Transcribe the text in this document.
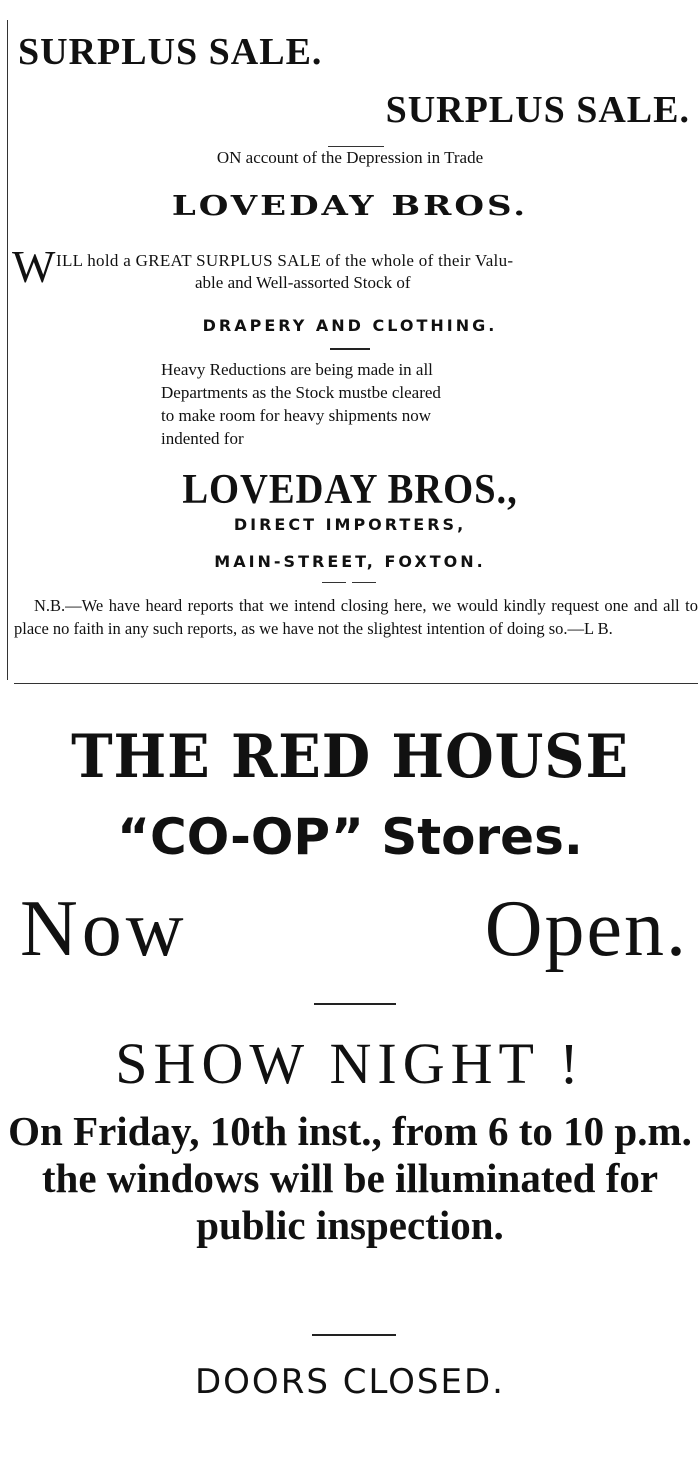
SURPLUS SALE.
SURPLUS SALE.
ON account of the Depression in Trade
LOVEDAY BROS.
W ILL hold a GREAT SURPLUS SALE of the whole of their Valu-
able and Well-assorted Stock of
DRAPERY AND CLOTHING.
Heavy Reductions are being made in all
Departments as the Stock mustbe cleared
to make room for heavy shipments now
indented for
LOVEDAY BROS.,
DIRECT IMPORTERS,
MAIN-STREET, FOXTON.
N.B.—We have heard reports that we intend closing here, we would kindly request one and all to place no faith in any such reports, as we have not the slightest intention of doing so.—L B.
THE RED HOUSE
“CO-OP” Stores.
Now	Open.
SHOW NIGHT !
On Friday, 10th inst., from 6 to 10 p.m. the windows will be illuminated for public inspection.
DOORS CLOSED.
